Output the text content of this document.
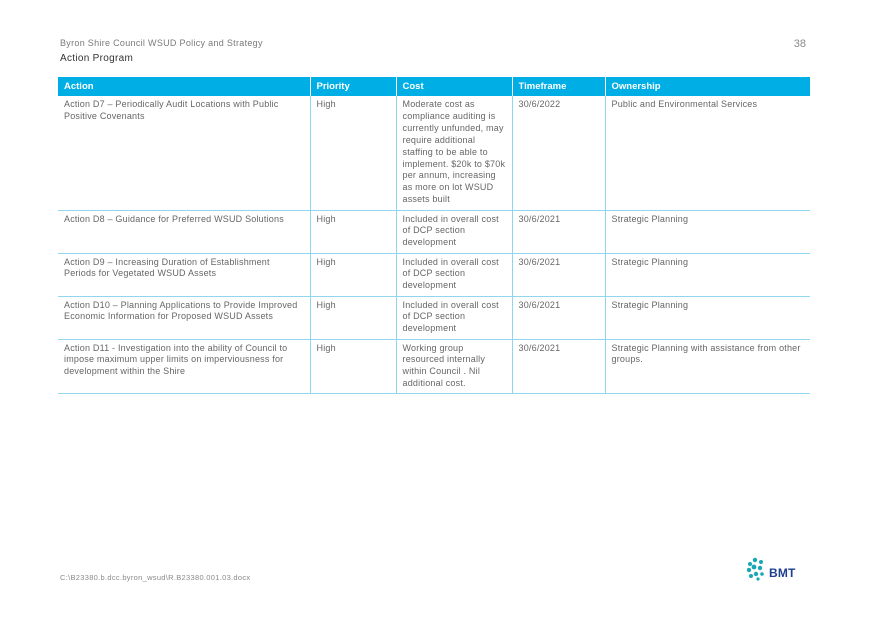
Byron Shire Council WSUD Policy and Strategy
Action Program
38
Action	Priority	Cost	Timeframe	Ownership
Action D7 – Periodically Audit Locations with Public Positive Covenants	High	Moderate cost as compliance auditing is currently unfunded, may require additional staffing to be able to implement. $20k to $70k per annum, increasing as more on lot WSUD assets built	30/6/2022	Public and Environmental Services
Action D8 – Guidance for Preferred WSUD Solutions	High	Included in overall cost of DCP section development	30/6/2021	Strategic Planning
Action D9 – Increasing Duration of Establishment Periods for Vegetated WSUD Assets	High	Included in overall cost of DCP section development	30/6/2021	Strategic Planning
Action D10 – Planning Applications to Provide Improved Economic Information for Proposed WSUD Assets	High	Included in overall cost of DCP section development	30/6/2021	Strategic Planning
Action D11 - Investigation into the ability of Council to impose maximum upper limits on imperviousness for development within the Shire	High	Working group resourced internally within Council . Nil additional cost.	30/6/2021	Strategic Planning with assistance from other groups.
C:\B23380.b.dcc.byron_wsud\R.B23380.001.03.docx	BMT
